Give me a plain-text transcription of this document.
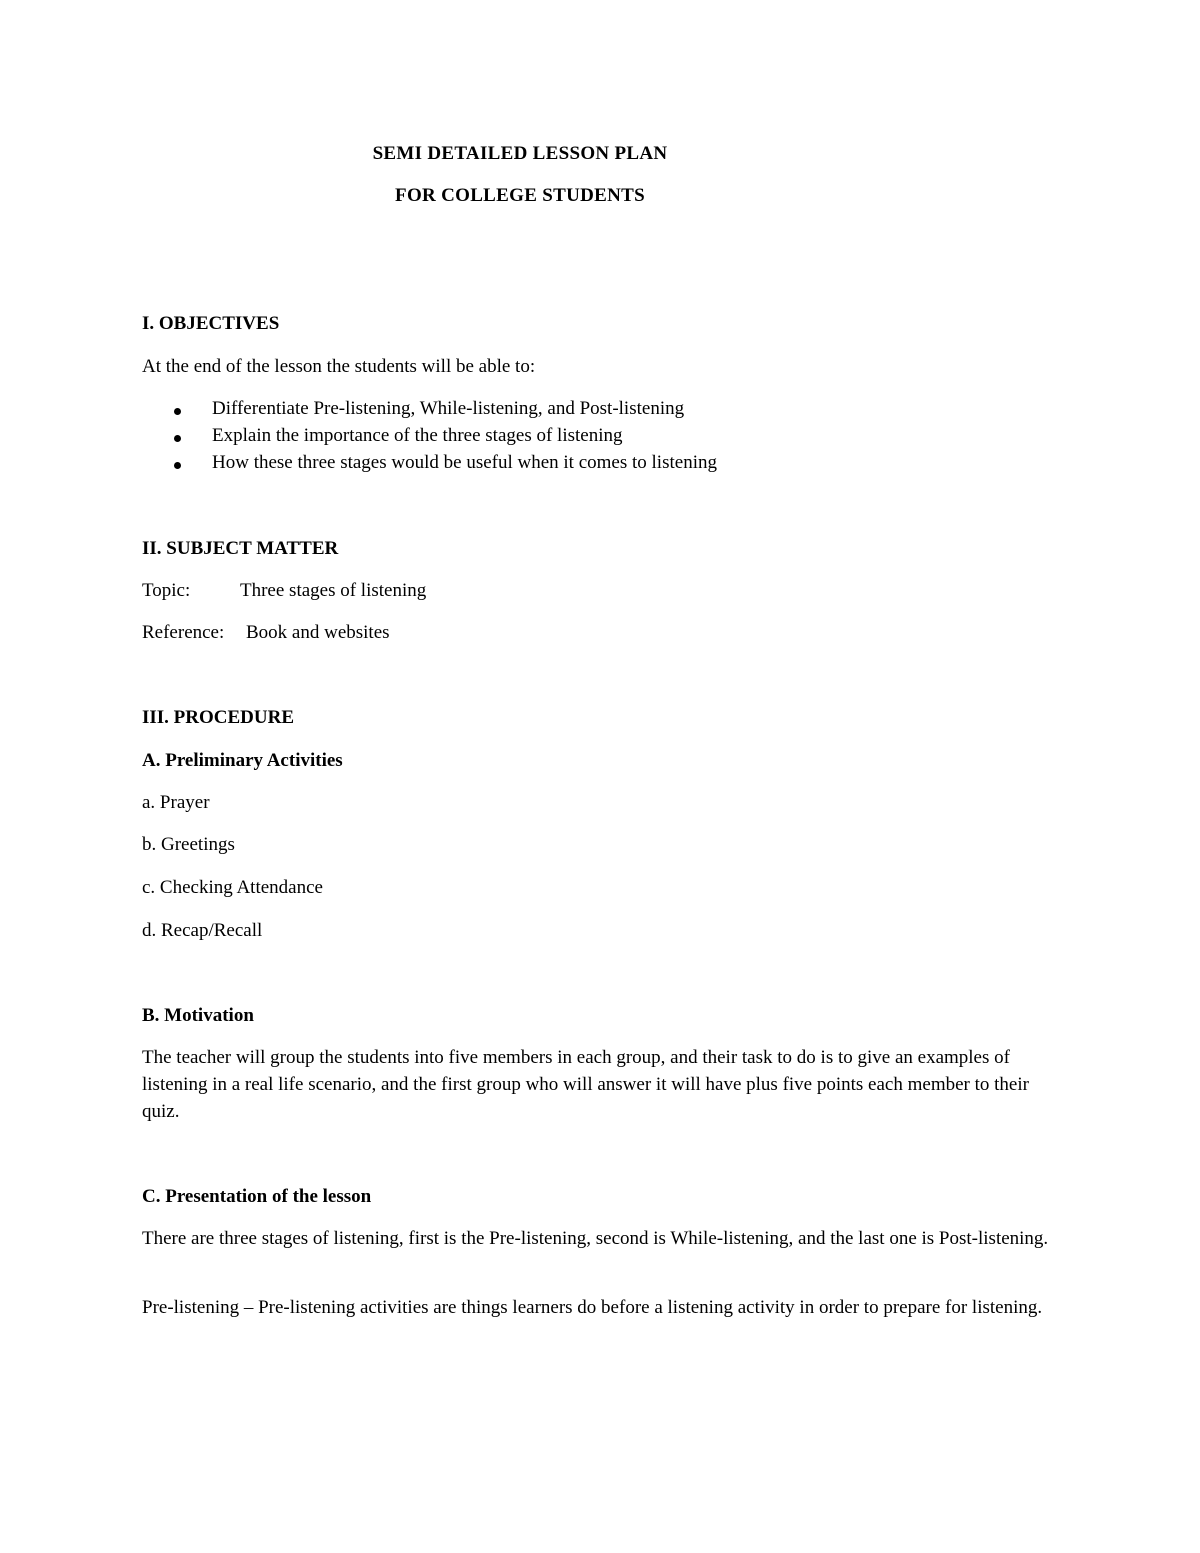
SEMI DETAILED LESSON PLAN
FOR COLLEGE STUDENTS
I. OBJECTIVES
At the end of the lesson the students will be able to:
Differentiate Pre-listening, While-listening, and Post-listening
Explain the importance of the three stages of listening
How these three stages would be useful when it comes to listening
II. SUBJECT MATTER
Topic:	Three stages of listening
Reference: Book and websites
III. PROCEDURE
A. Preliminary Activities
a. Prayer
b. Greetings
c. Checking Attendance
d. Recap/Recall
B. Motivation
The teacher will group the students into five members in each group, and their task to do is to give an examples of listening in a real life scenario, and the first group who will answer it will have plus five points each member to their quiz.
C. Presentation of the lesson
There are three stages of listening, first is the Pre-listening, second is While-listening, and the last one is Post-listening.
Pre-listening – Pre-listening activities are things learners do before a listening activity in order to prepare for listening.
